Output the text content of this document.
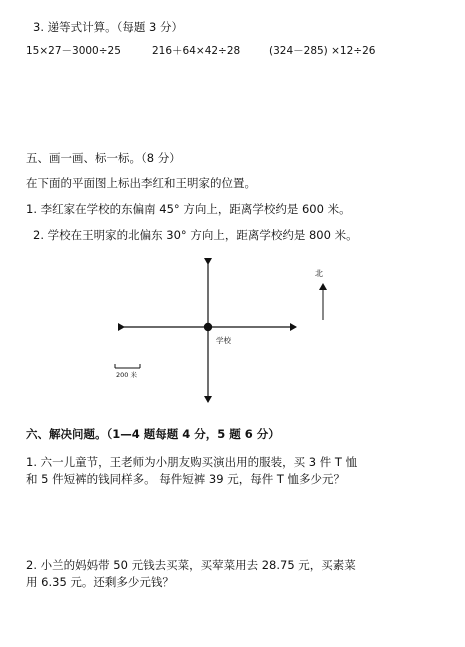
3. 递等式计算。（每题 3 分）
15×27－3000÷25	216＋64×42÷28	(324－285) ×12÷26
五、画一画、标一标。（8 分）
在下面的平面图上标出李红和王明家的位置。
1. 李红家在学校的东偏南 45° 方向上，距离学校约是 600 米。
2. 学校在王明家的北偏东 30° 方向上，距离学校约是 800 米。
学校
北
200 米
六、解决问题。（1—4 题每题 4 分，5 题 6 分）
1. 六一儿童节，王老师为小朋友购买演出用的服装，买 3 件 T 恤
和 5 件短裤的钱同样多。 每件短裤 39 元，每件 T 恤多少元？
2. 小兰的妈妈带 50 元钱去买菜，买荤菜用去 28.75 元，买素菜
用 6.35 元。还剩多少元钱？
